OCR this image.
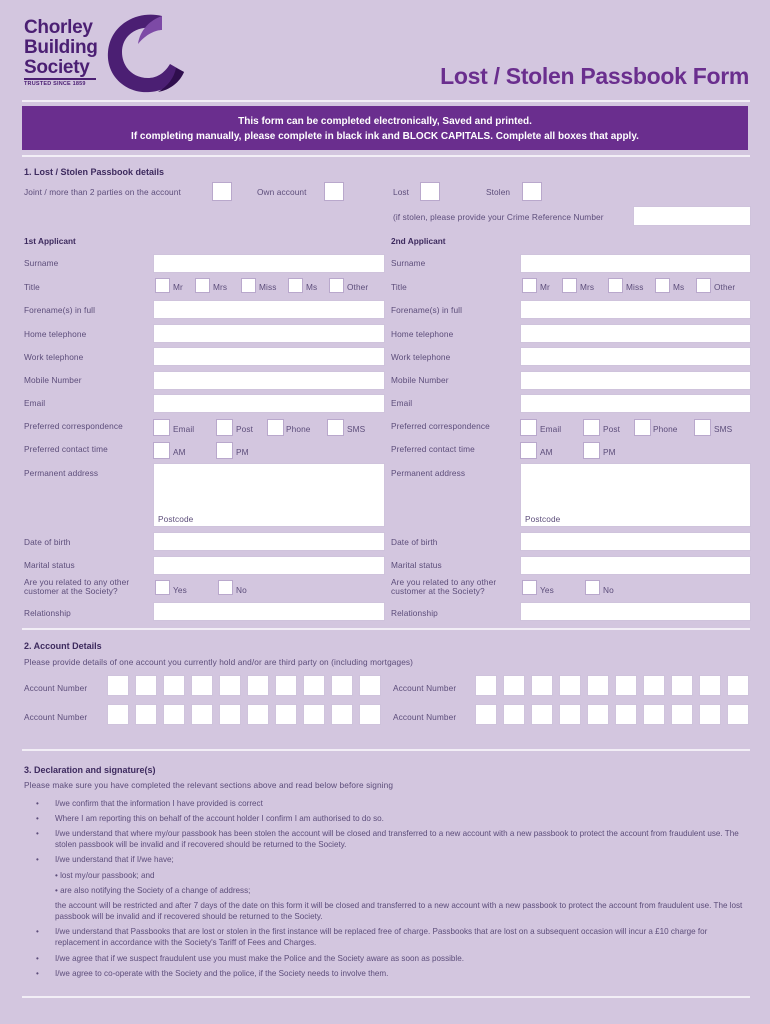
Chorley
Building
Society
TRUSTED SINCE 1859	Lost / Stolen Passbook Form
This form can be completed electronically, Saved and printed.
If completing manually, please complete in black ink and BLOCK CAPITALS. Complete all boxes that apply.
1. Lost / Stolen Passbook details
Joint / more than 2 parties on the account	Own account	Lost	Stolen
(if stolen, please provide your Crime Reference Number
1st Applicant	2nd Applicant
Surname
Title	Mr	Mrs	Miss	Ms	Other
Forename(s) in full
Home telephone
Work telephone
Mobile Number
Email
Preferred correspondence	Email	Post	Phone	SMS
Preferred contact time	AM	PM
Permanent address
Postcode
Date of birth
Marital status
Are you related to any other customer at the Society?	Yes	No
Relationship
Surname
Title	Mr	Mrs	Miss	Ms	Other
Forename(s) in full
Home telephone
Work telephone
Mobile Number
Email
Preferred correspondence	Email	Post	Phone	SMS
Preferred contact time	AM	PM
Permanent address
Postcode
Date of birth
Marital status
Are you related to any other customer at the Society?	Yes	No
Relationship
2. Account Details
Please provide details of one account you currently hold and/or are third party on (including mortgages)
Account Number	Account Number
Account Number	Account Number
3. Declaration and signature(s)
Please make sure you have completed the relevant sections above and read below before signing
• I/we confirm that the information I have provided is correct
• Where I am reporting this on behalf of the account holder I confirm I am authorised to do so.
• I/we understand that where my/our passbook has been stolen the account will be closed and transferred to a new account with a new passbook to protect the account from fraudulent use. The stolen passbook will be invalid and if recovered should be returned to the Society.
• I/we understand that if I/we have;
• lost my/our passbook; and
• are also notifying the Society of a change of address;
the account will be restricted and after 7 days of the date on this form it will be closed and transferred to a new account with a new passbook to protect the account from fraudulent use. The lost passbook will be invalid and if recovered should be returned to the Society.
• I/we understand that Passbooks that are lost or stolen in the first instance will be replaced free of charge. Passbooks that are lost on a subsequent occasion will incur a £10 charge for replacement in accordance with the Society's Tariff of Fees and Charges.
• I/we agree that if we suspect fraudulent use you must make the Police and the Society aware as soon as possible.
• I/we agree to co-operate with the Society and the police, if the Society needs to involve them.
